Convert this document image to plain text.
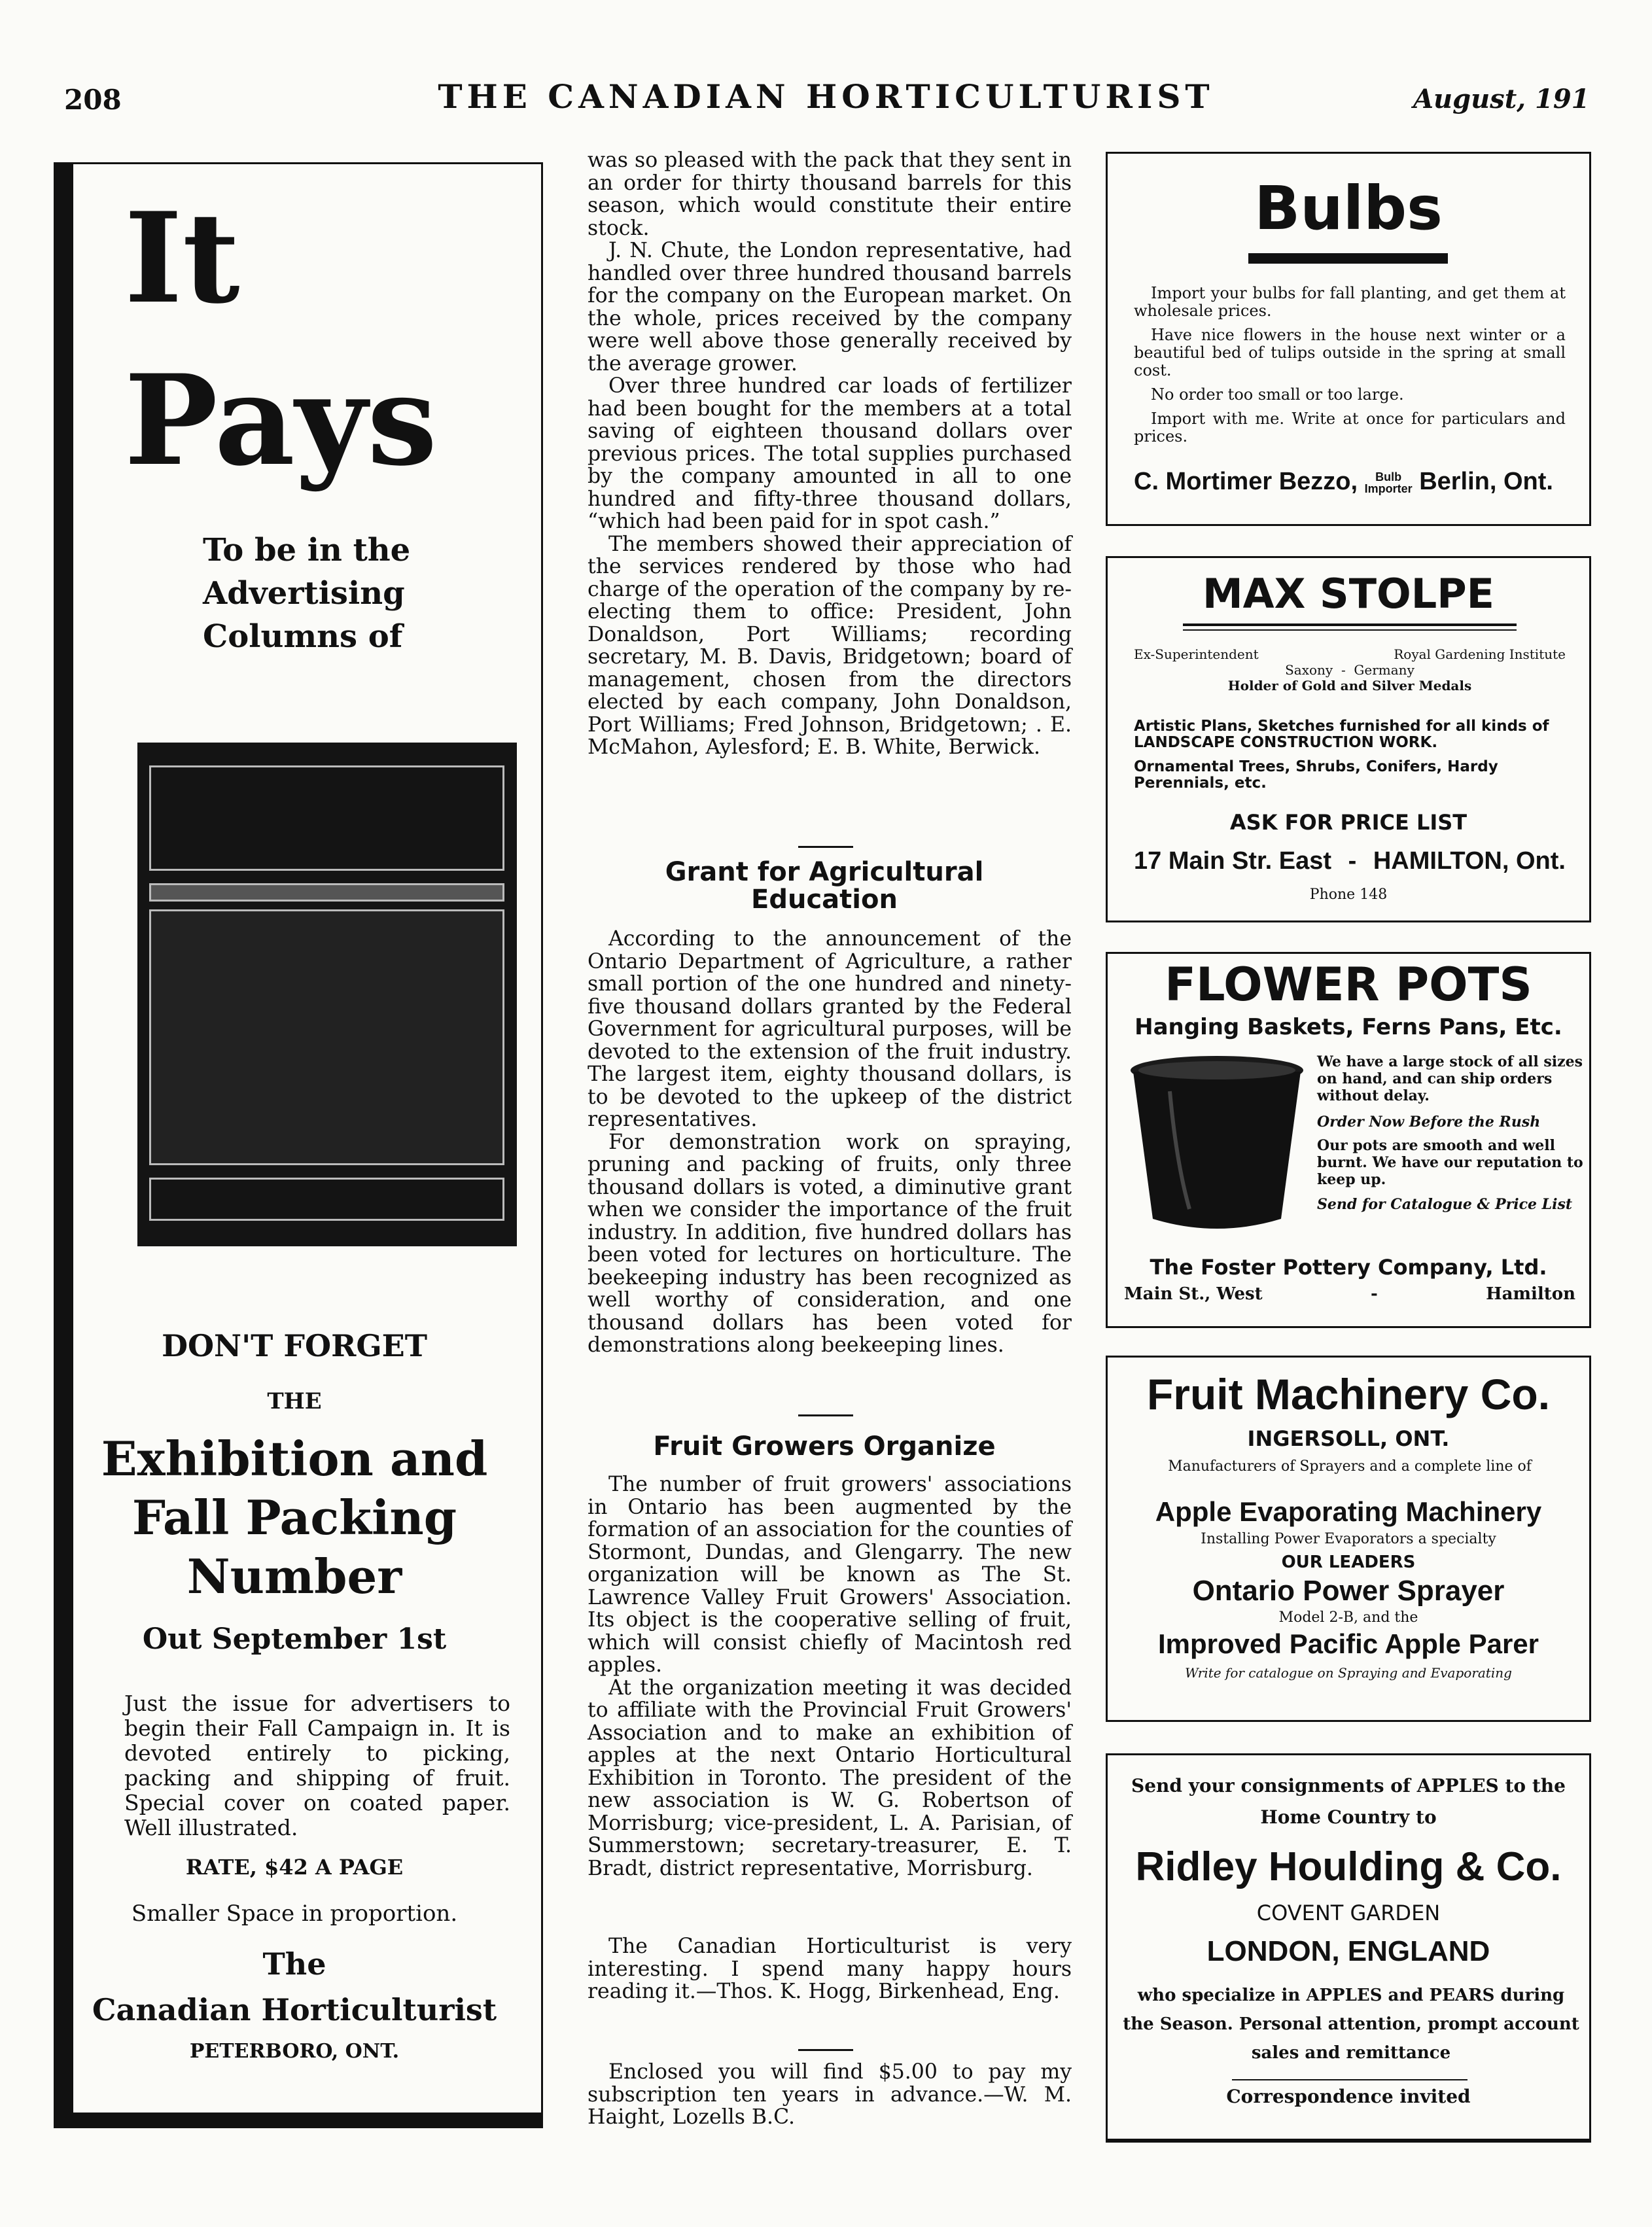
208	THE CANADIAN HORTICULTURIST	August, 191
It
Pays
To be in the
Advertising
Columns of
DON'T FORGET
THE
Exhibition and
Fall Packing
Number
Out September 1st
Just the issue for advertisers to begin their Fall Campaign in. It is devoted entirely to picking, packing and shipping of fruit. Special cover on coated paper. Well illustrated.
RATE, $42 A PAGE
Smaller Space in proportion.
The
Canadian Horticulturist
PETERBORO, ONT.

was so pleased with the pack that they sent in an order for thirty thousand barrels for this season, which would constitute their entire stock.

J. N. Chute, the London representative, had handled over three hundred thousand barrels for the company on the European market. On the whole, prices received by the company were well above those generally received by the average grower.

Over three hundred car loads of fertilizer had been bought for the members at a total saving of eighteen thousand dollars over previous prices. The total supplies purchased by the company amounted in all to one hundred and fifty-three thousand dollars, “which had been paid for in spot cash.”

The members showed their appreciation of the services rendered by those who had charge of the operation of the company by re-electing them to office: President, John Donaldson, Port Williams; recording secretary, M. B. Davis, Bridgetown; board of management, chosen from the directors elected by each company, John Donaldson, Port Williams; Fred Johnson, Bridgetown; . E. McMahon, Aylesford; E. B. White, Berwick.

Grant for Agricultural Education

According to the announcement of the Ontario Department of Agriculture, a rather small portion of the one hundred and ninety-five thousand dollars granted by the Federal Government for agricultural purposes, will be devoted to the extension of the fruit industry. The largest item, eighty thousand dollars, is to be devoted to the upkeep of the district representatives.

For demonstration work on spraying, pruning and packing of fruits, only three thousand dollars is voted, a diminutive grant when we consider the importance of the fruit industry. In addition, five hundred dollars has been voted for lectures on horticulture. The beekeeping industry has been recognized as well worthy of consideration, and one thousand dollars has been voted for demonstrations along beekeeping lines.

Fruit Growers Organize

The number of fruit growers' associations in Ontario has been augmented by the formation of an association for the counties of Stormont, Dundas, and Glengarry. The new organization will be known as The St. Lawrence Valley Fruit Growers' Association. Its object is the cooperative selling of fruit, which will consist chiefly of Macintosh red apples.

At the organization meeting it was decided to affiliate with the Provincial Fruit Growers' Association and to make an exhibition of apples at the next Ontario Horticultural Exhibition in Toronto. The president of the new association is W. G. Robertson of Morrisburg; vice-president, L. A. Parisian, of Summerstown; secretary-treasurer, E. T. Bradt, district representative, Morrisburg.

The Canadian Horticulturist is very interesting. I spend many happy hours reading it.—Thos. K. Hogg, Birkenhead, Eng.

Enclosed you will find $5.00 to pay my subscription ten years in advance.—W. M. Haight, Lozells B.C.

Bulbs
Import your bulbs for fall planting, and get them at wholesale prices.
Have nice flowers in the house next winter or a beautiful bed of tulips outside in the spring at small cost.
No order too small or too large.
Import with me. Write at once for particulars and prices.
C. Mortimer Bezzo, Bulb
Importer Berlin, Ont.
MAX STOLPE
Ex-Superintendent	Royal Gardening Institute
Saxony  -  Germany
Holder of Gold and Silver Medals
Artistic Plans, Sketches furnished for all kinds of LANDSCAPE CONSTRUCTION WORK.
Ornamental Trees, Shrubs, Conifers, Hardy Perennials, etc.
ASK FOR PRICE LIST
17 Main Str. East - HAMILTON, Ont.
Phone 148
FLOWER POTS
Hanging Baskets, Ferns Pans, Etc.
We have a large stock of all sizes on hand, and can ship orders without delay.
Order Now Before the Rush
Our pots are smooth and well burnt. We have our reputation to keep up.
Send for Catalogue & Price List
The Foster Pottery Company, Ltd.
Main St., West	-	Hamilton
Fruit Machinery Co.
INGERSOLL, ONT.
Manufacturers of Sprayers and a complete line of
Apple Evaporating Machinery
Installing Power Evaporators a specialty
OUR LEADERS
Ontario Power Sprayer
Model 2-B, and the
Improved Pacific Apple Parer
Write for catalogue on Spraying and Evaporating
Send your consignments of APPLES to the
Home Country to
Ridley Houlding & Co.
COVENT GARDEN
LONDON, ENGLAND
who specialize in APPLES and PEARS during the Season. Personal attention, prompt account sales and remittance
Correspondence invited
